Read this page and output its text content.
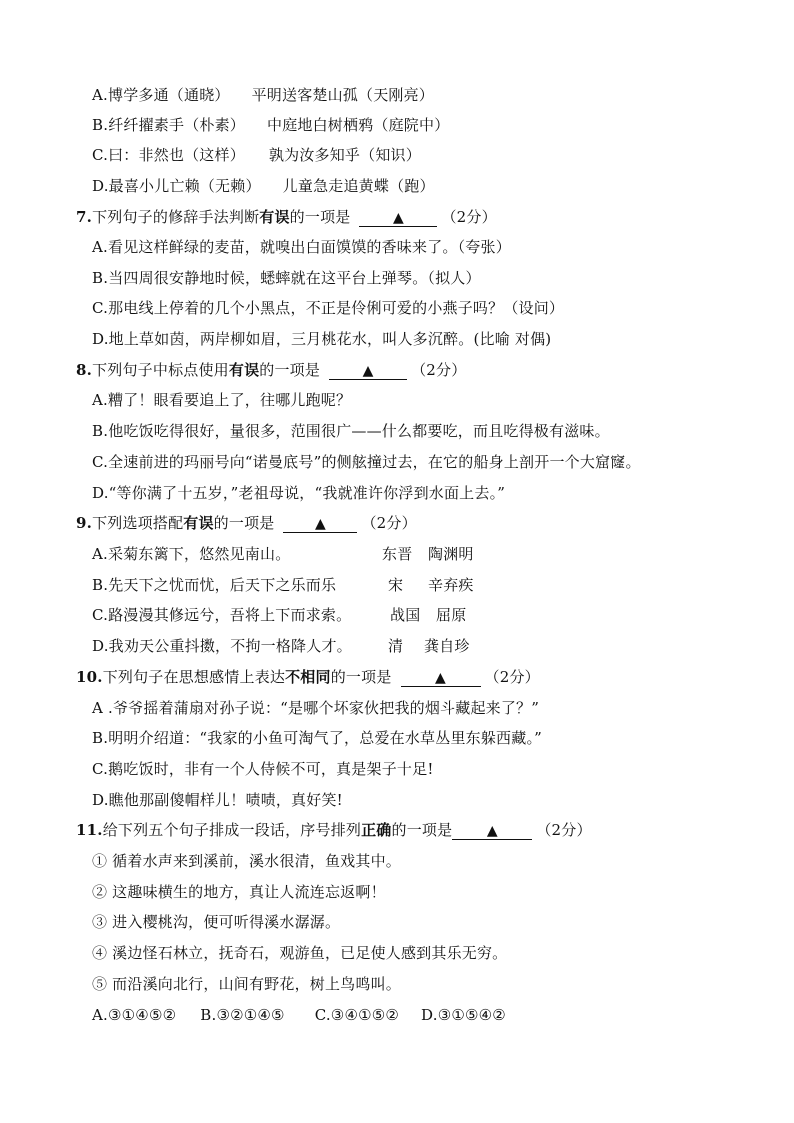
A.博学多通（通晓） 平明送客楚山孤（天刚亮）
B.纤纤擢素手（朴素） 中庭地白树栖鸦（庭院中）
C.曰：非然也（这样） 孰为汝多知乎（知识）
D.最喜小儿亡赖（无赖） 儿童急走追黄蝶（跑）
7.下列句子的修辞手法判断有误的一项是	▲	（2分）
A.看见这样鲜绿的麦苗，就嗅出白面馍馍的香味来了。（夸张）
B.当四周很安静地时候，蟋蟀就在这平台上弹琴。（拟人）
C.那电线上停着的几个小黑点，不正是伶俐可爱的小燕子吗？（设问）
D.地上草如茵，两岸柳如眉，三月桃花水，叫人多沉醉。(比喻 对偶)
8.下列句子中标点使用有误的一项是	▲	（2分）
A.糟了！眼看要追上了，往哪儿跑呢？
B.他吃饭吃得很好，量很多，范围很广——什么都要吃，而且吃得极有滋味。
C.全速前进的玛丽号向“诺曼底号”的侧舷撞过去，在它的船身上剖开一个大窟窿。
D.“等你满了十五岁，”老祖母说，“我就准许你浮到水面上去。”
9.下列选项搭配有误的一项是	▲ （2分）
A.采菊东篱下，悠然见南山。	东晋 陶渊明
B.先天下之忧而忧，后天下之乐而乐	宋 辛弃疾
C.路漫漫其修远兮，吾将上下而求索。	战国 屈原
D.我劝天公重抖擞，不拘一格降人才。 清 龚自珍
10.下列句子在思想感情上表达不相同的一项是	▲	（2分）
A .爷爷摇着蒲扇对孙子说：“是哪个坏家伙把我的烟斗藏起来了？”
B.明明介绍道：“我家的小鱼可淘气了，总爱在水草丛里东躲西藏。”
C.鹅吃饭时，非有一个人侍候不可，真是架子十足!
D.瞧他那副傻帽样儿！啧啧，真好笑!
11.给下列五个句子排成一段话，序号排列正确的一项是 ▲	（2分）
① 循着水声来到溪前，溪水很清，鱼戏其中。
② 这趣味横生的地方，真让人流连忘返啊！
③ 进入樱桃沟，便可听得溪水潺潺。
④ 溪边怪石林立，抚奇石，观游鱼，已足使人感到其乐无穷。
⑤ 而沿溪向北行，山间有野花，树上鸟鸣叫。
A.③①④⑤② B.③②①④⑤ C.③④①⑤② D.③①⑤④②
